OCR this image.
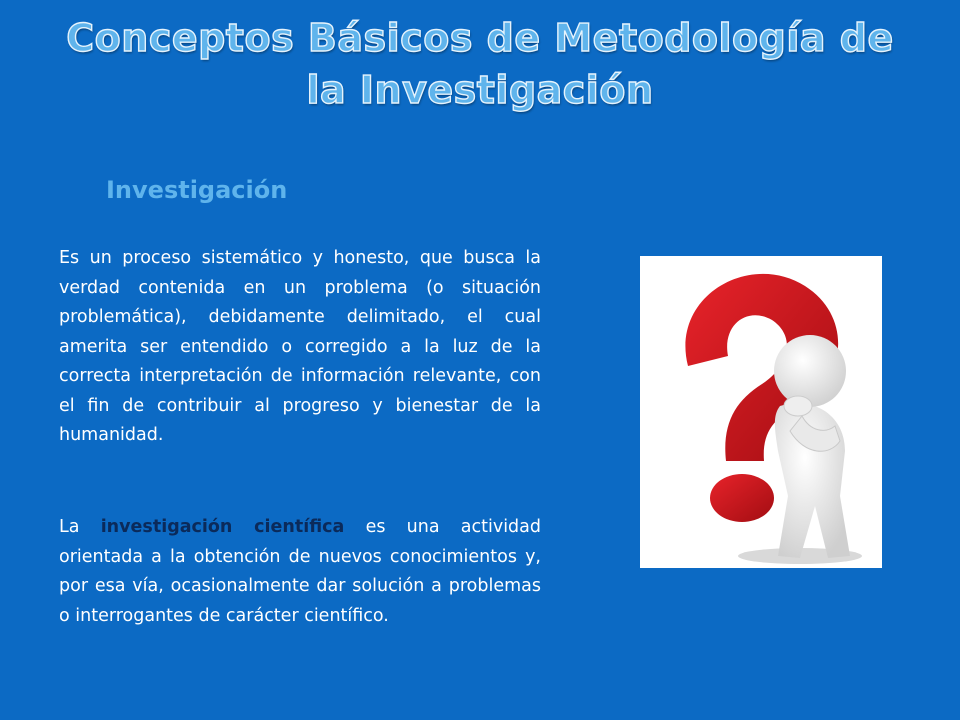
Conceptos Básicos de Metodología de la Investigación
Investigación

Es un proceso sistemático y honesto, que busca la verdad contenida en un problema (o situación problemática), debidamente delimitado, el cual amerita ser entendido o corregido a la luz de la correcta interpretación de información relevante, con el fin de contribuir al progreso y bienestar de la humanidad.

La investigación científica es una actividad orientada a la obtención de nuevos conocimientos y, por esa vía, ocasionalmente dar solución a problemas o interrogantes de carácter científico.
